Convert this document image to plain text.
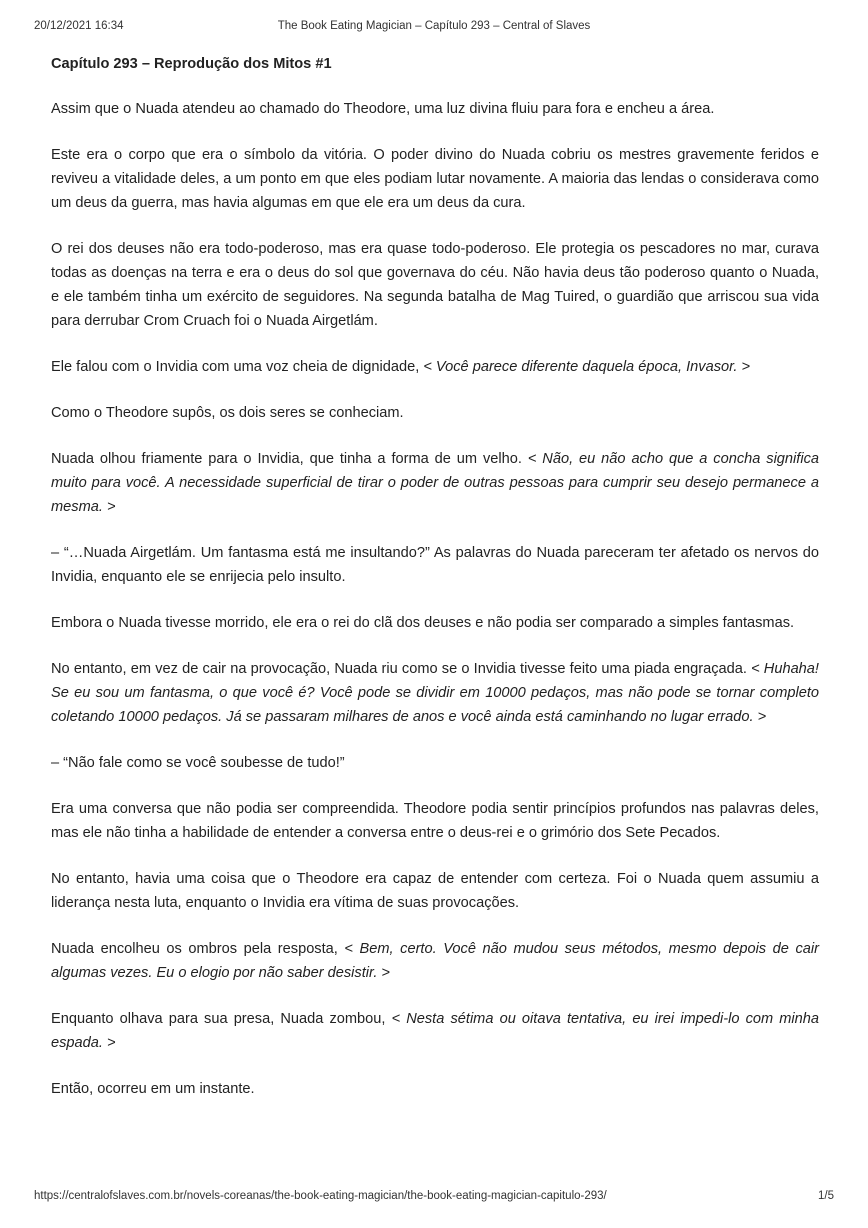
20/12/2021 16:34	The Book Eating Magician – Capítulo 293 – Central of Slaves
Capítulo 293 – Reprodução dos Mitos #1

Assim que o Nuada atendeu ao chamado do Theodore, uma luz divina fluiu para fora e encheu a área.

Este era o corpo que era o símbolo da vitória. O poder divino do Nuada cobriu os mestres gravemente feridos e reviveu a vitalidade deles, a um ponto em que eles podiam lutar novamente. A maioria das lendas o considerava como um deus da guerra, mas havia algumas em que ele era um deus da cura.

O rei dos deuses não era todo-poderoso, mas era quase todo-poderoso. Ele protegia os pescadores no mar, curava todas as doenças na terra e era o deus do sol que governava do céu. Não havia deus tão poderoso quanto o Nuada, e ele também tinha um exército de seguidores. Na segunda batalha de Mag Tuired, o guardião que arriscou sua vida para derrubar Crom Cruach foi o Nuada Airgetlám.

Ele falou com o Invidia com uma voz cheia de dignidade, < Você parece diferente daquela época, Invasor. >

Como o Theodore supôs, os dois seres se conheciam.

Nuada olhou friamente para o Invidia, que tinha a forma de um velho. < Não, eu não acho que a concha significa muito para você. A necessidade superficial de tirar o poder de outras pessoas para cumprir seu desejo permanece a mesma. >

– “…Nuada Airgetlám. Um fantasma está me insultando?” As palavras do Nuada pareceram ter afetado os nervos do Invidia, enquanto ele se enrijecia pelo insulto.

Embora o Nuada tivesse morrido, ele era o rei do clã dos deuses e não podia ser comparado a simples fantasmas.

No entanto, em vez de cair na provocação, Nuada riu como se o Invidia tivesse feito uma piada engraçada. < Huhaha! Se eu sou um fantasma, o que você é? Você pode se dividir em 10000 pedaços, mas não pode se tornar completo coletando 10000 pedaços. Já se passaram milhares de anos e você ainda está caminhando no lugar errado. >

– “Não fale como se você soubesse de tudo!”

Era uma conversa que não podia ser compreendida. Theodore podia sentir princípios profundos nas palavras deles, mas ele não tinha a habilidade de entender a conversa entre o deus-rei e o grimório dos Sete Pecados.

No entanto, havia uma coisa que o Theodore era capaz de entender com certeza. Foi o Nuada quem assumiu a liderança nesta luta, enquanto o Invidia era vítima de suas provocações.

Nuada encolheu os ombros pela resposta, < Bem, certo. Você não mudou seus métodos, mesmo depois de cair algumas vezes. Eu o elogio por não saber desistir. >

Enquanto olhava para sua presa, Nuada zombou, < Nesta sétima ou oitava tentativa, eu irei impedi-lo com minha espada. >

Então, ocorreu em um instante.

https://centralofslaves.com.br/novels-coreanas/the-book-eating-magician/the-book-eating-magician-capitulo-293/	1/5
